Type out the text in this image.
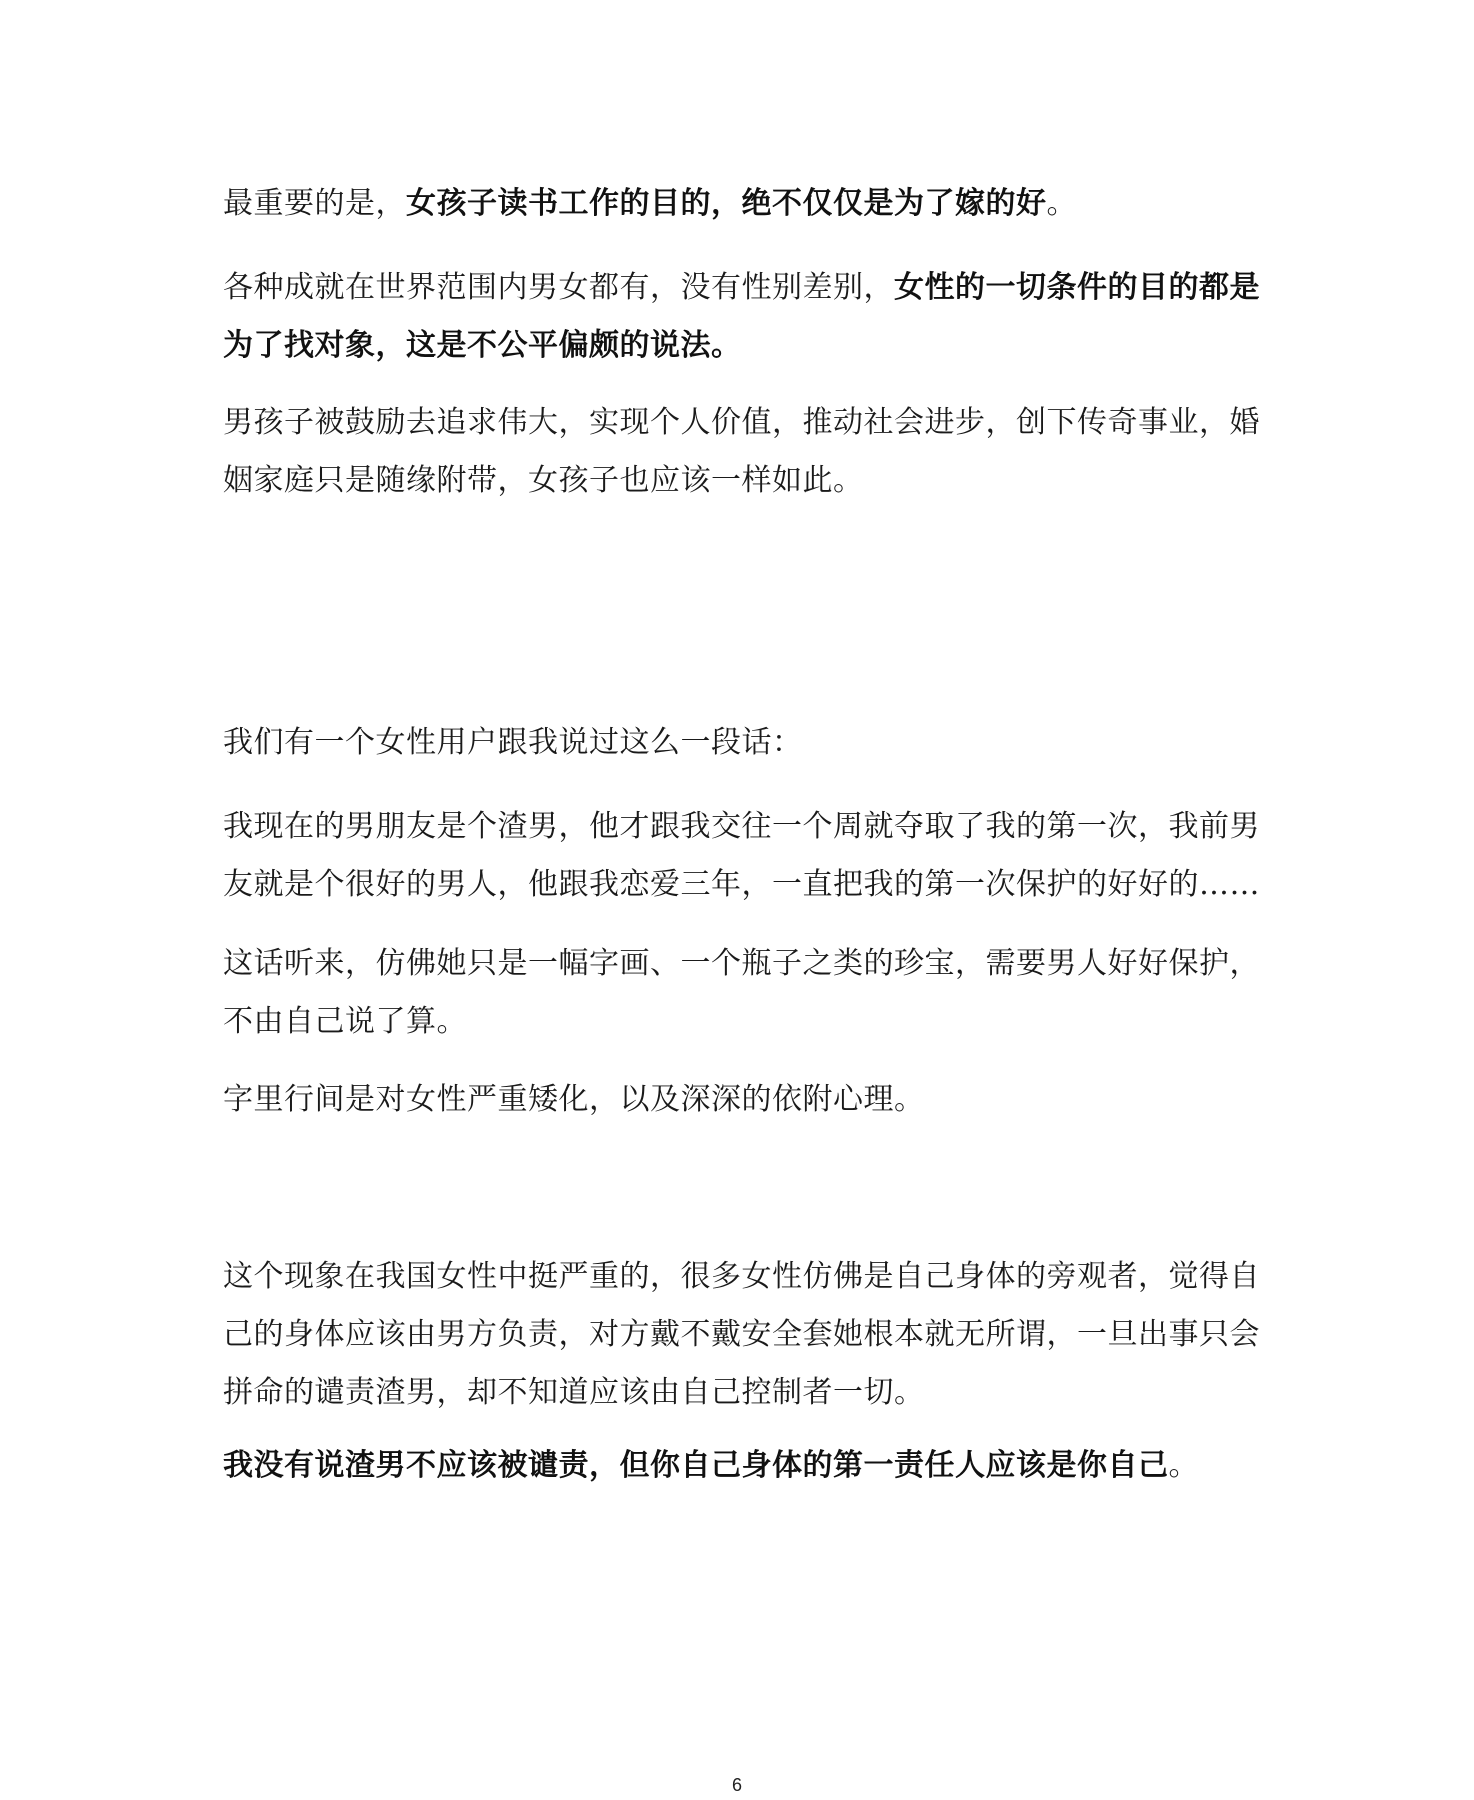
最重要的是，女孩子读书工作的目的，绝不仅仅是为了嫁的好。

各种成就在世界范围内男女都有，没有性别差别，女性的一切条件的目的都是为了找对象，这是不公平偏颇的说法。

男孩子被鼓励去追求伟大，实现个人价值，推动社会进步，创下传奇事业，婚姻家庭只是随缘附带，女孩子也应该一样如此。

我们有一个女性用户跟我说过这么一段话：

我现在的男朋友是个渣男，他才跟我交往一个周就夺取了我的第一次，我前男友就是个很好的男人，他跟我恋爱三年，一直把我的第一次保护的好好的……

这话听来，仿佛她只是一幅字画、一个瓶子之类的珍宝，需要男人好好保护，不由自己说了算。

字里行间是对女性严重矮化，以及深深的依附心理。

这个现象在我国女性中挺严重的，很多女性仿佛是自己身体的旁观者，觉得自己的身体应该由男方负责，对方戴不戴安全套她根本就无所谓，一旦出事只会拼命的谴责渣男，却不知道应该由自己控制者一切。

我没有说渣男不应该被谴责，但你自己身体的第一责任人应该是你自己。

6
